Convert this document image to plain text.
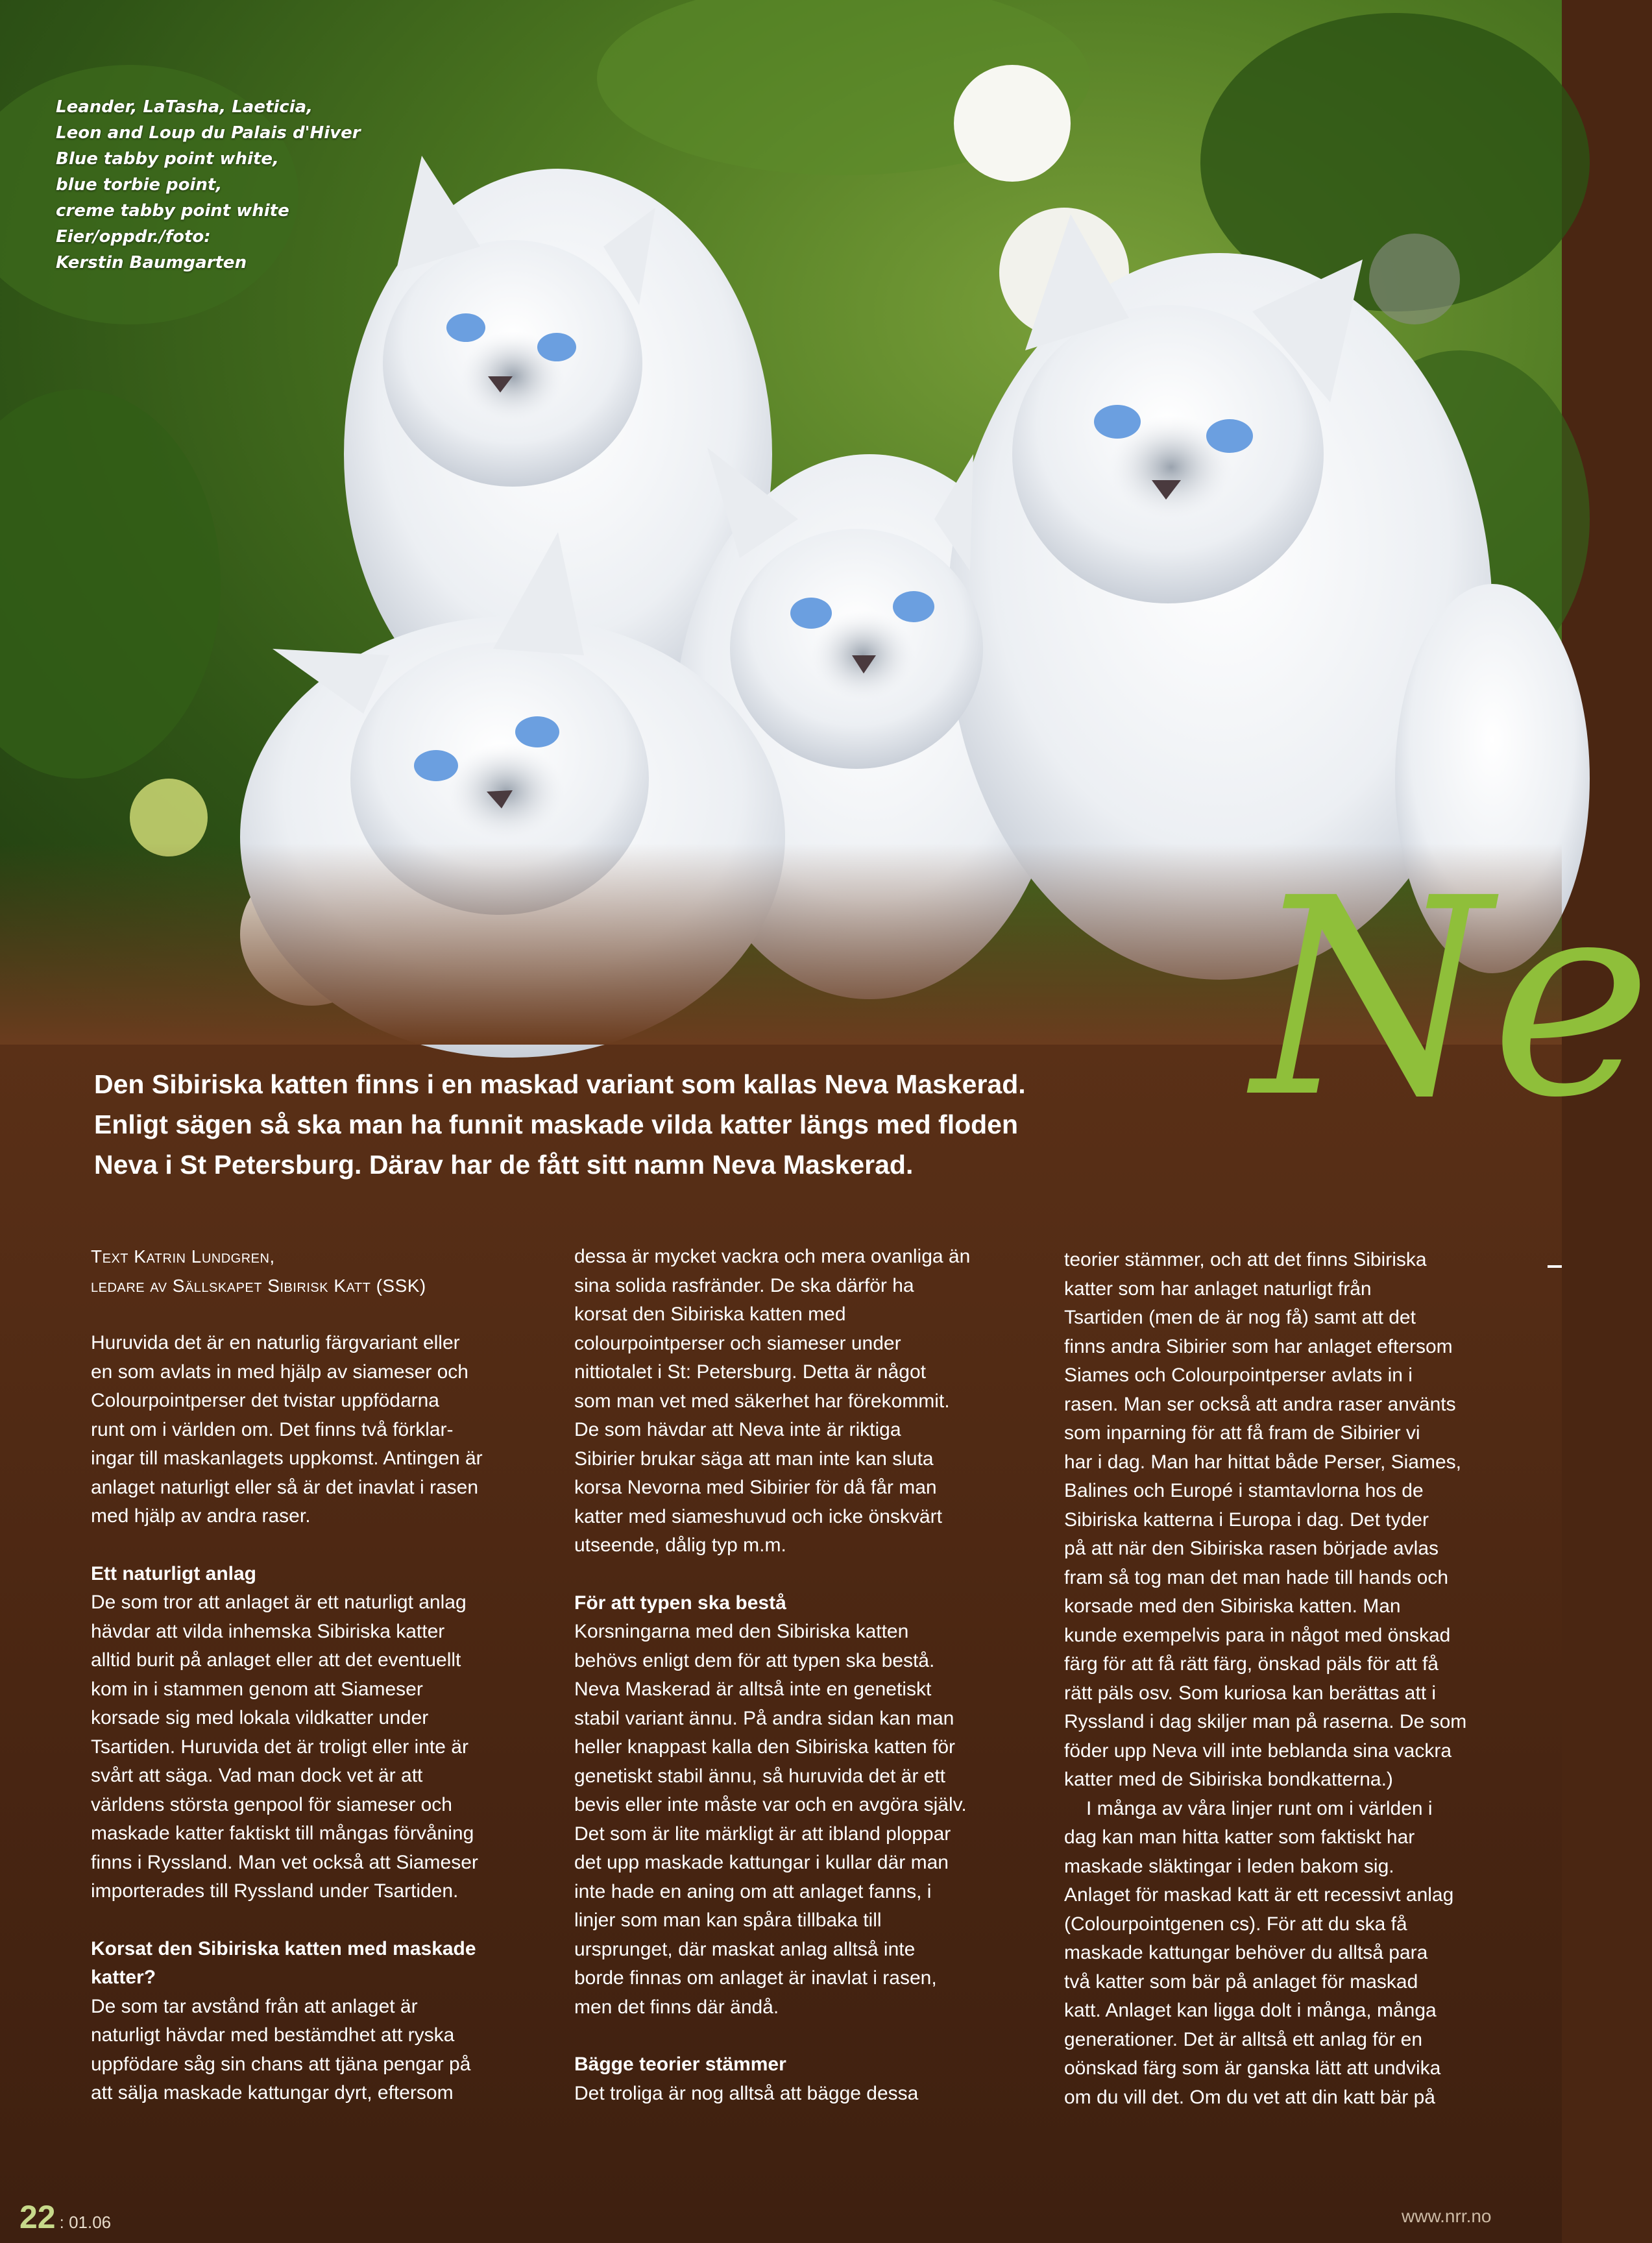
Leander, LaTasha, Laeticia,
Leon and Loup du Palais d'Hiver
Blue tabby point white,
blue torbie point,
creme tabby point white
Eier/oppdr./foto:
Kerstin Baumgarten
Ne
Den Sibiriska katten finns i en maskad variant som kallas Neva Maskerad.
Enligt sägen så ska man ha funnit maskade vilda katter längs med floden
Neva i St Petersburg. Därav har de fått sitt namn Neva Maskerad.
Text Katrin Lundgren,
ledare av Sällskapet Sibirisk Katt (SSK)
Huruvida det är en naturlig färgvariant eller
en som avlats in med hjälp av siameser och
Colourpointperser det tvistar uppfödarna
runt om i världen om. Det finns två förklar-
ingar till maskanlagets uppkomst. Antingen är
anlaget naturligt eller så är det inavlat i rasen
med hjälp av andra raser.
Ett naturligt anlag
De som tror att anlaget är ett naturligt anlag
hävdar att vilda inhemska Sibiriska katter
alltid burit på anlaget eller att det eventuellt
kom in i stammen genom att Siameser
korsade sig med lokala vildkatter under
Tsartiden. Huruvida det är troligt eller inte är
svårt att säga. Vad man dock vet är att
världens största genpool för siameser och
maskade katter faktiskt till mångas förvåning
finns i Ryssland. Man vet också att Siameser
importerades till Ryssland under Tsartiden.
Korsat den Sibiriska katten med maskade
katter?
De som tar avstånd från att anlaget är
naturligt hävdar med bestämdhet att ryska
uppfödare såg sin chans att tjäna pengar på
att sälja maskade kattungar dyrt, eftersom
dessa är mycket vackra och mera ovanliga än
sina solida rasfränder. De ska därför ha
korsat den Sibiriska katten med
colourpointperser och siameser under
nittiotalet i St: Petersburg. Detta är något
som man vet med säkerhet har förekommit.
De som hävdar att Neva inte är riktiga
Sibirier brukar säga att man inte kan sluta
korsa Nevorna med Sibirier för då får man
katter med siameshuvud och icke önskvärt
utseende, dålig typ m.m.
För att typen ska bestå
Korsningarna med den Sibiriska katten
behövs enligt dem för att typen ska bestå.
Neva Maskerad är alltså inte en genetiskt
stabil variant ännu. På andra sidan kan man
heller knappast kalla den Sibiriska katten för
genetiskt stabil ännu, så huruvida det är ett
bevis eller inte måste var och en avgöra själv.
Det som är lite märkligt är att ibland ploppar
det upp maskade kattungar i kullar där man
inte hade en aning om att anlaget fanns, i
linjer som man kan spåra tillbaka till
ursprunget, där maskat anlag alltså inte
borde finnas om anlaget är inavlat i rasen,
men det finns där ändå.
Bägge teorier stämmer
Det troliga är nog alltså att bägge dessa
teorier stämmer, och att det finns Sibiriska
katter som har anlaget naturligt från
Tsartiden (men de är nog få) samt att det
finns andra Sibirier som har anlaget eftersom
Siames och Colourpointperser avlats in i
rasen. Man ser också att andra raser använts
som inparning för att få fram de Sibirier vi
har i dag. Man har hittat både Perser, Siames,
Balines och Europé i stamtavlorna hos de
Sibiriska katterna i Europa i dag. Det tyder
på att när den Sibiriska rasen började avlas
fram så tog man det man hade till hands och
korsade med den Sibiriska katten. Man
kunde exempelvis para in något med önskad
färg för att få rätt färg, önskad päls för att få
rätt päls osv. Som kuriosa kan berättas att i
Ryssland i dag skiljer man på raserna. De som
föder upp Neva vill inte beblanda sina vackra
katter med de Sibiriska bondkatterna.)
I många av våra linjer runt om i världen i
dag kan man hitta katter som faktiskt har
maskade släktingar i leden bakom sig.
Anlaget för maskad katt är ett recessivt anlag
(Colourpointgenen cs). För att du ska få
maskade kattungar behöver du alltså para
två katter som bär på anlaget för maskad
katt. Anlaget kan ligga dolt i många, många
generationer. Det är alltså ett anlag för en
oönskad färg som är ganska lätt att undvika
om du vill det. Om du vet att din katt bär på
22 : 01.06	www.nrr.no
